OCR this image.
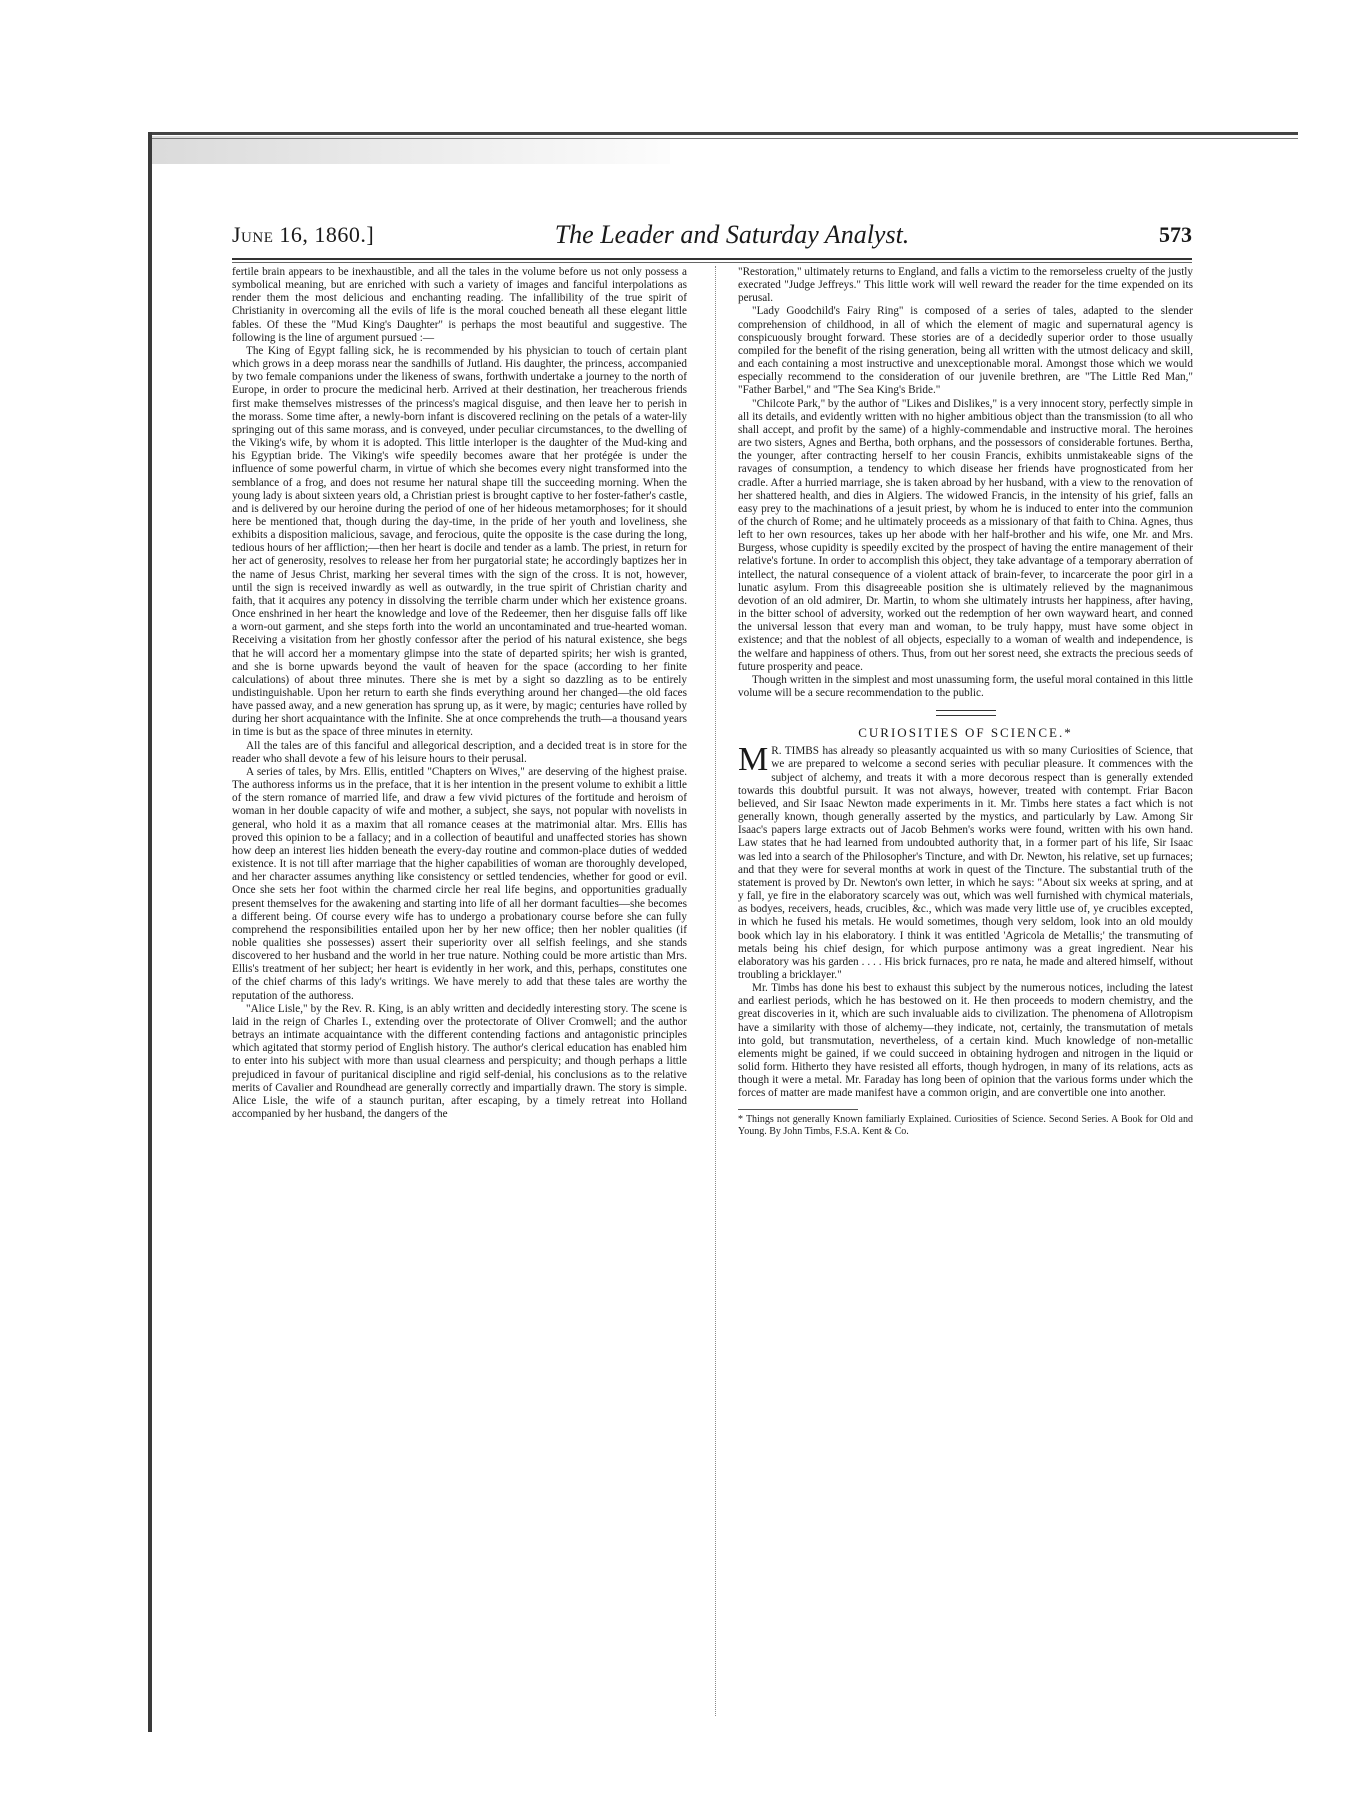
June 16, 1860.]	The Leader and Saturday Analyst.	573

fertile brain appears to be inexhaustible, and all the tales in the volume before us not only possess a symbolical meaning, but are enriched with such a variety of images and fanciful interpolations as render them the most delicious and enchanting reading. The infallibility of the true spirit of Christianity in overcoming all the evils of life is the moral couched beneath all these elegant little fables. Of these the "Mud King's Daughter" is perhaps the most beautiful and suggestive. The following is the line of argument pursued :—

The King of Egypt falling sick, he is recommended by his physician to touch of certain plant which grows in a deep morass near the sandhills of Jutland. His daughter, the princess, accompanied by two female companions under the likeness of swans, forthwith undertake a journey to the north of Europe, in order to procure the medicinal herb. Arrived at their destination, her treacherous friends first make themselves mistresses of the princess's magical disguise, and then leave her to perish in the morass. Some time after, a newly-born infant is discovered reclining on the petals of a water-lily springing out of this same morass, and is conveyed, under peculiar circumstances, to the dwelling of the Viking's wife, by whom it is adopted. This little interloper is the daughter of the Mud-king and his Egyptian bride. The Viking's wife speedily becomes aware that her protégée is under the influence of some powerful charm, in virtue of which she becomes every night transformed into the semblance of a frog, and does not resume her natural shape till the succeeding morning. When the young lady is about sixteen years old, a Christian priest is brought captive to her foster-father's castle, and is delivered by our heroine during the period of one of her hideous metamorphoses; for it should here be mentioned that, though during the day-time, in the pride of her youth and loveliness, she exhibits a disposition malicious, savage, and ferocious, quite the opposite is the case during the long, tedious hours of her affliction;—then her heart is docile and tender as a lamb. The priest, in return for her act of generosity, resolves to release her from her purgatorial state; he accordingly baptizes her in the name of Jesus Christ, marking her several times with the sign of the cross. It is not, however, until the sign is received inwardly as well as outwardly, in the true spirit of Christian charity and faith, that it acquires any potency in dissolving the terrible charm under which her existence groans. Once enshrined in her heart the knowledge and love of the Redeemer, then her disguise falls off like a worn-out garment, and she steps forth into the world an uncontaminated and true-hearted woman. Receiving a visitation from her ghostly confessor after the period of his natural existence, she begs that he will accord her a momentary glimpse into the state of departed spirits; her wish is granted, and she is borne upwards beyond the vault of heaven for the space (according to her finite calculations) of about three minutes. There she is met by a sight so dazzling as to be entirely undistinguishable. Upon her return to earth she finds everything around her changed—the old faces have passed away, and a new generation has sprung up, as it were, by magic; centuries have rolled by during her short acquaintance with the Infinite. She at once comprehends the truth—a thousand years in time is but as the space of three minutes in eternity.

All the tales are of this fanciful and allegorical description, and a decided treat is in store for the reader who shall devote a few of his leisure hours to their perusal.

A series of tales, by Mrs. Ellis, entitled "Chapters on Wives," are deserving of the highest praise. The authoress informs us in the preface, that it is her intention in the present volume to exhibit a little of the stern romance of married life, and draw a few vivid pictures of the fortitude and heroism of woman in her double capacity of wife and mother, a subject, she says, not popular with novelists in general, who hold it as a maxim that all romance ceases at the matrimonial altar. Mrs. Ellis has proved this opinion to be a fallacy; and in a collection of beautiful and unaffected stories has shown how deep an interest lies hidden beneath the every-day routine and common-place duties of wedded existence. It is not till after marriage that the higher capabilities of woman are thoroughly developed, and her character assumes anything like consistency or settled tendencies, whether for good or evil. Once she sets her foot within the charmed circle her real life begins, and opportunities gradually present themselves for the awakening and starting into life of all her dormant faculties—she becomes a different being. Of course every wife has to undergo a probationary course before she can fully comprehend the responsibilities entailed upon her by her new office; then her nobler qualities (if noble qualities she possesses) assert their superiority over all selfish feelings, and she stands discovered to her husband and the world in her true nature. Nothing could be more artistic than Mrs. Ellis's treatment of her subject; her heart is evidently in her work, and this, perhaps, constitutes one of the chief charms of this lady's writings. We have merely to add that these tales are worthy the reputation of the authoress.

"Alice Lisle," by the Rev. R. King, is an ably written and decidedly interesting story. The scene is laid in the reign of Charles I., extending over the protectorate of Oliver Cromwell; and the author betrays an intimate acquaintance with the different contending factions and antagonistic principles which agitated that stormy period of English history. The author's clerical education has enabled him to enter into his subject with more than usual clearness and perspicuity; and though perhaps a little prejudiced in favour of puritanical discipline and rigid self-denial, his conclusions as to the relative merits of Cavalier and Roundhead are generally correctly and impartially drawn. The story is simple. Alice Lisle, the wife of a staunch puritan, after escaping, by a timely retreat into Holland accompanied by her husband, the dangers of the

"Restoration," ultimately returns to England, and falls a victim to the remorseless cruelty of the justly execrated "Judge Jeffreys." This little work will well reward the reader for the time expended on its perusal.

"Lady Goodchild's Fairy Ring" is composed of a series of tales, adapted to the slender comprehension of childhood, in all of which the element of magic and supernatural agency is conspicuously brought forward. These stories are of a decidedly superior order to those usually compiled for the benefit of the rising generation, being all written with the utmost delicacy and skill, and each containing a most instructive and unexceptionable moral. Amongst those which we would especially recommend to the consideration of our juvenile brethren, are "The Little Red Man," "Father Barbel," and "The Sea King's Bride."

"Chilcote Park," by the author of "Likes and Dislikes," is a very innocent story, perfectly simple in all its details, and evidently written with no higher ambitious object than the transmission (to all who shall accept, and profit by the same) of a highly-commendable and instructive moral. The heroines are two sisters, Agnes and Bertha, both orphans, and the possessors of considerable fortunes. Bertha, the younger, after contracting herself to her cousin Francis, exhibits unmistakeable signs of the ravages of consumption, a tendency to which disease her friends have prognosticated from her cradle. After a hurried marriage, she is taken abroad by her husband, with a view to the renovation of her shattered health, and dies in Algiers. The widowed Francis, in the intensity of his grief, falls an easy prey to the machinations of a jesuit priest, by whom he is induced to enter into the communion of the church of Rome; and he ultimately proceeds as a missionary of that faith to China. Agnes, thus left to her own resources, takes up her abode with her half-brother and his wife, one Mr. and Mrs. Burgess, whose cupidity is speedily excited by the prospect of having the entire management of their relative's fortune. In order to accomplish this object, they take advantage of a temporary aberration of intellect, the natural consequence of a violent attack of brain-fever, to incarcerate the poor girl in a lunatic asylum. From this disagreeable position she is ultimately relieved by the magnanimous devotion of an old admirer, Dr. Martin, to whom she ultimately intrusts her happiness, after having, in the bitter school of adversity, worked out the redemption of her own wayward heart, and conned the universal lesson that every man and woman, to be truly happy, must have some object in existence; and that the noblest of all objects, especially to a woman of wealth and independence, is the welfare and happiness of others. Thus, from out her sorest need, she extracts the precious seeds of future prosperity and peace.

Though written in the simplest and most unassuming form, the useful moral contained in this little volume will be a secure recommendation to the public.

CURIOSITIES OF SCIENCE.*

M R. TIMBS has already so pleasantly acquainted us with so many Curiosities of Science, that we are prepared to welcome a second series with peculiar pleasure. It commences with the subject of alchemy, and treats it with a more decorous respect than is generally extended towards this doubtful pursuit. It was not always, however, treated with contempt. Friar Bacon believed, and Sir Isaac Newton made experiments in it. Mr. Timbs here states a fact which is not generally known, though generally asserted by the mystics, and particularly by Law. Among Sir Isaac's papers large extracts out of Jacob Behmen's works were found, written with his own hand. Law states that he had learned from undoubted authority that, in a former part of his life, Sir Isaac was led into a search of the Philosopher's Tincture, and with Dr. Newton, his relative, set up furnaces; and that they were for several months at work in quest of the Tincture. The substantial truth of the statement is proved by Dr. Newton's own letter, in which he says: "About six weeks at spring, and at y fall, ye fire in the elaboratory scarcely was out, which was well furnished with chymical materials, as bodyes, receivers, heads, crucibles, &c., which was made very little use of, ye crucibles excepted, in which he fused his metals. He would sometimes, though very seldom, look into an old mouldy book which lay in his elaboratory. I think it was entitled 'Agricola de Metallis;' the transmuting of metals being his chief design, for which purpose antimony was a great ingredient. Near his elaboratory was his garden . . . . His brick furnaces, pro re nata, he made and altered himself, without troubling a bricklayer."

Mr. Timbs has done his best to exhaust this subject by the numerous notices, including the latest and earliest periods, which he has bestowed on it. He then proceeds to modern chemistry, and the great discoveries in it, which are such invaluable aids to civilization. The phenomena of Allotropism have a similarity with those of alchemy—they indicate, not, certainly, the transmutation of metals into gold, but transmutation, nevertheless, of a certain kind. Much knowledge of non-metallic elements might be gained, if we could succeed in obtaining hydrogen and nitrogen in the liquid or solid form. Hitherto they have resisted all efforts, though hydrogen, in many of its relations, acts as though it were a metal. Mr. Faraday has long been of opinion that the various forms under which the forces of matter are made manifest have a common origin, and are convertible one into another.

* Things not generally Known familiarly Explained. Curiosities of Science. Second Series. A Book for Old and Young. By John Timbs, F.S.A. Kent & Co.
